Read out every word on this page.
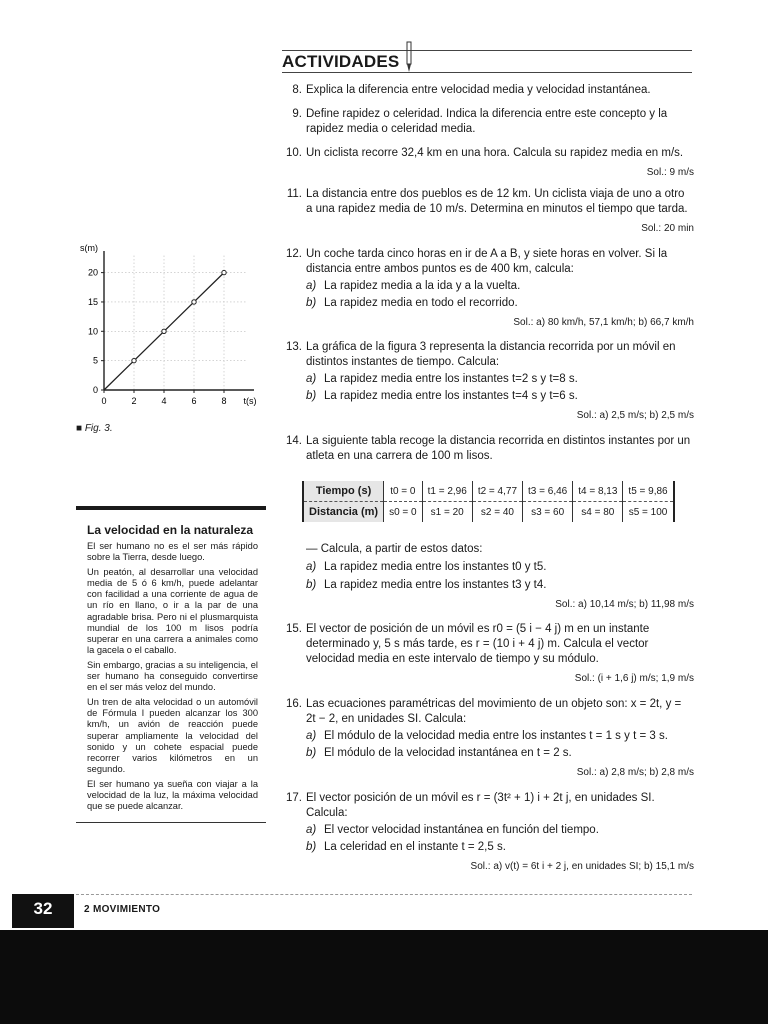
ACTIVIDADES
8. Explica la diferencia entre velocidad media y velocidad instantánea.
9. Define rapidez o celeridad. Indica la diferencia entre este concepto y la rapidez media o celeridad media.
10. Un ciclista recorre 32,4 km en una hora. Calcula su rapidez media en m/s.
Sol.: 9 m/s
11. La distancia entre dos pueblos es de 12 km. Un ciclista viaja de uno a otro a una rapidez media de 10 m/s. Determina en minutos el tiempo que tarda.
Sol.: 20 min
12. Un coche tarda cinco horas en ir de A a B, y siete horas en volver. Si la distancia entre ambos puntos es de 400 km, calcula:
a) La rapidez media a la ida y a la vuelta.
b) La rapidez media en todo el recorrido.
Sol.: a) 80 km/h, 57,1 km/h; b) 66,7 km/h
13. La gráfica de la figura 3 representa la distancia recorrida por un móvil en distintos instantes de tiempo. Calcula:
a) La rapidez media entre los instantes t=2 s y t=8 s.
b) La rapidez media entre los instantes t=4 s y t=6 s.
Sol.: a) 2,5 m/s; b) 2,5 m/s
14. La siguiente tabla recoge la distancia recorrida en distintos instantes por un atleta en una carrera de 100 m lisos.
Tiempo (s)	t0 = 0	t1 = 2,96	t2 = 4,77	t3 = 6,46	t4 = 8,13	t5 = 9,86
Distancia (m)	s0 = 0	s1 = 20	s2 = 40	s3 = 60	s4 = 80	s5 = 100
— Calcula, a partir de estos datos:
a) La rapidez media entre los instantes t0 y t5.
b) La rapidez media entre los instantes t3 y t4.
Sol.: a) 10,14 m/s; b) 11,98 m/s
15. El vector de posición de un móvil es r0 = (5 i − 4 j) m en un instante determinado y, 5 s más tarde, es r = (10 i + 4 j) m. Calcula el vector velocidad media en este intervalo de tiempo y su módulo.
Sol.: (i + 1,6 j) m/s; 1,9 m/s
16. Las ecuaciones paramétricas del movimiento de un objeto son: x = 2t, y = 2t − 2, en unidades SI. Calcula:
a) El módulo de la velocidad media entre los instantes t = 1 s y t = 3 s.
b) El módulo de la velocidad instantánea en t = 2 s.
Sol.: a) 2,8 m/s; b) 2,8 m/s
17. El vector posición de un móvil es r = (3t² + 1) i + 2t j, en unidades SI. Calcula:
a) El vector velocidad instantánea en función del tiempo.
b) La celeridad en el instante t = 2,5 s.
Sol.: a) v(t) = 6t i + 2 j, en unidades SI; b) 15,1 m/s
0	2	4	6	8
0
5
10
15
20
s(m)
t(s)
■ Fig. 3.
La velocidad en la naturaleza

El ser humano no es el ser más rápido sobre la Tierra, desde luego.

Un peatón, al desarrollar una velocidad media de 5 ó 6 km/h, puede adelantar con facilidad a una corriente de agua de un río en llano, o ir a la par de una agradable brisa. Pero ni el plusmarquista mundial de los 100 m lisos podría superar en una carrera a animales como la gacela o el caballo.

Sin embargo, gracias a su inteligencia, el ser humano ha conseguido convertirse en el ser más veloz del mundo.

Un tren de alta velocidad o un automóvil de Fórmula I pueden alcanzar los 300 km/h, un avión de reacción puede superar ampliamente la velocidad del sonido y un cohete espacial puede recorrer varios kilómetros en un segundo.

El ser humano ya sueña con viajar a la velocidad de la luz, la máxima velocidad que se puede alcanzar.

32	2 MOVIMIENTO
